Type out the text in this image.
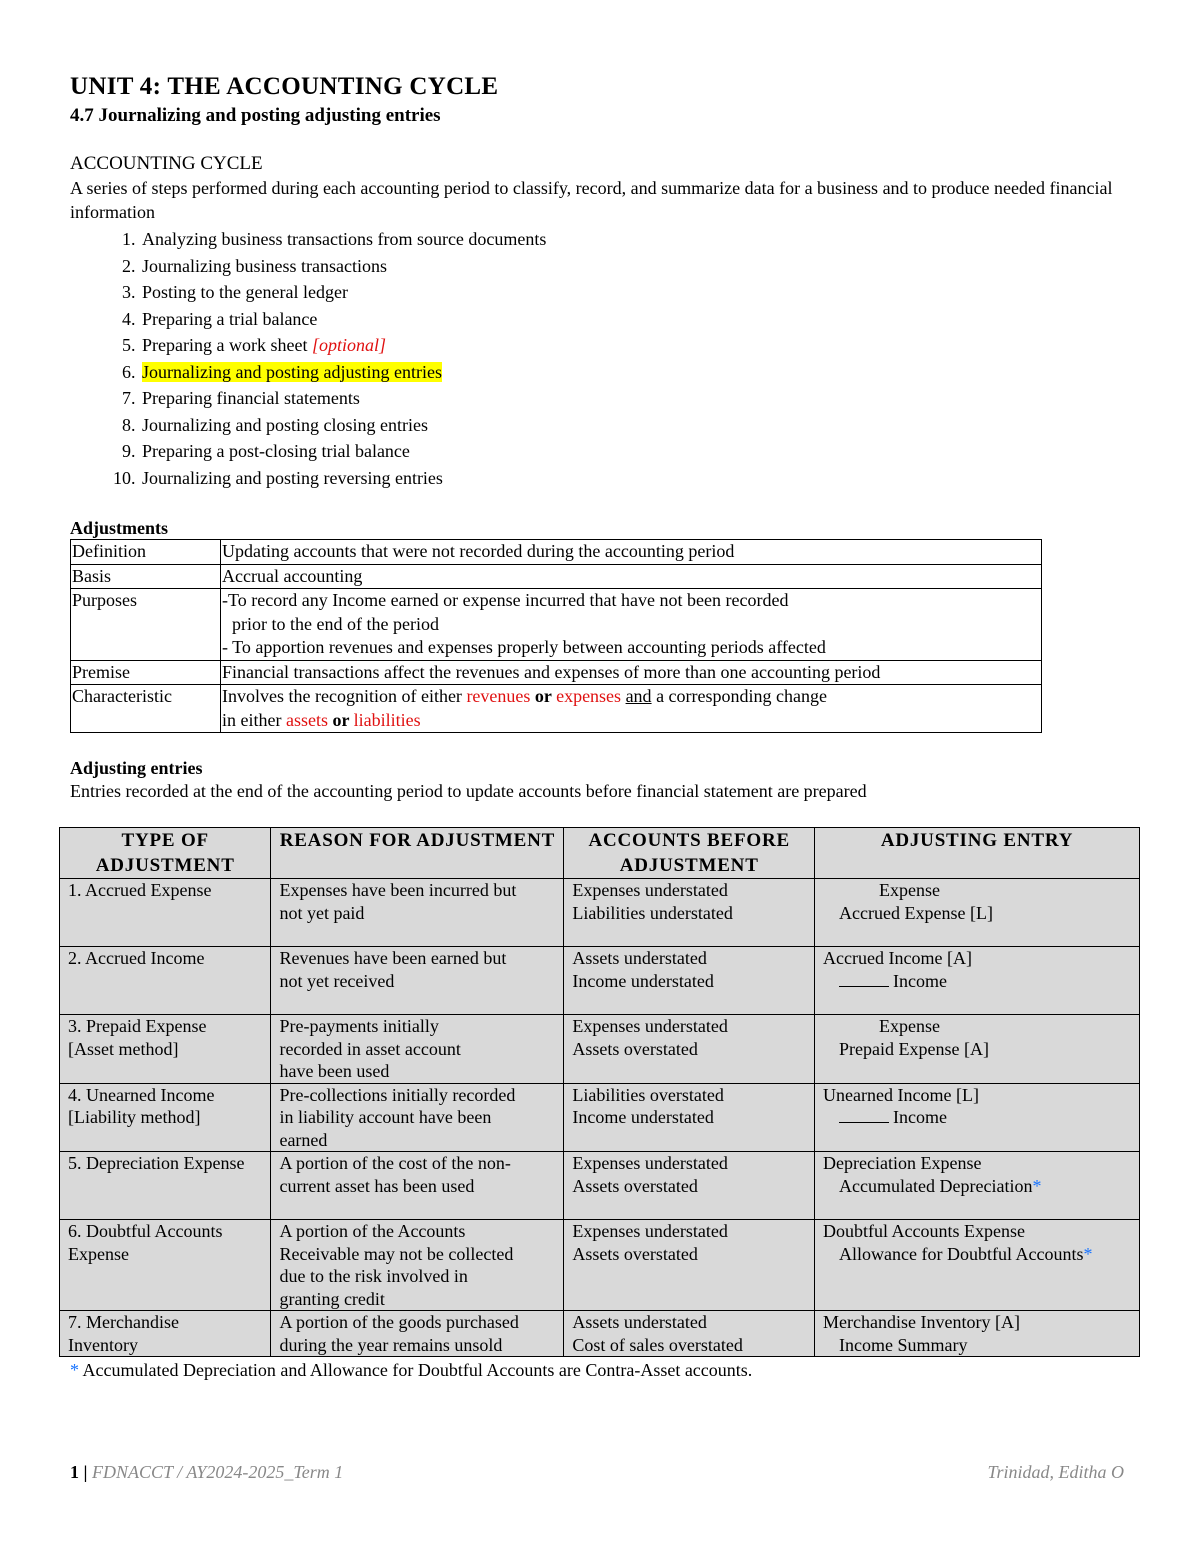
UNIT 4: THE ACCOUNTING CYCLE
4.7 Journalizing and posting adjusting entries
ACCOUNTING CYCLE

A series of steps performed during each accounting period to classify, record, and summarize data for a business and to produce needed financial information

1. Analyzing business transactions from source documents
2. Journalizing business transactions
3. Posting to the general ledger
4. Preparing a trial balance
5. Preparing a work sheet [optional]
6. Journalizing and posting adjusting entries
7. Preparing financial statements
8. Journalizing and posting closing entries
9. Preparing a post-closing trial balance
10. Journalizing and posting reversing entries
Adjustments
Definition	Updating accounts that were not recorded during the accounting period
Basis	Accrual accounting
Purposes	-To record any Income earned or expense incurred that have not been recorded
prior to the end of the period
- To apportion revenues and expenses properly between accounting periods affected

Premise	Financial transactions affect the revenues and expenses of more than one accounting period
Characteristic	Involves the recognition of either revenues or expenses and a corresponding change
in either assets or liabilities
Adjusting entries

Entries recorded at the end of the accounting period to update accounts before financial statement are prepared

TYPE OF ADJUSTMENT	REASON FOR ADJUSTMENT	ACCOUNTS BEFORE ADJUSTMENT	ADJUSTING ENTRY
1. Accrued Expense	Expenses have been incurred but
not yet paid	Expenses understated
Liabilities understated	Expense
Accrued Expense [L]

2. Accrued Income	Revenues have been earned but
not yet received	Assets understated
Income understated	Accrued Income [A]
Income

3. Prepaid Expense
[Asset method]	Pre-payments initially
recorded in asset account
have been used	Expenses understated
Assets overstated	Expense
Prepaid Expense [A]

4. Unearned Income
[Liability method]	Pre-collections initially recorded
in liability account have been
earned	Liabilities overstated
Income understated	Unearned Income [L]
Income

5. Depreciation Expense	A portion of the cost of the non-
current asset has been used	Expenses understated
Assets overstated	Depreciation Expense
Accumulated Depreciation*

6. Doubtful Accounts
Expense	A portion of the Accounts
Receivable may not be collected
due to the risk involved in
granting credit	Expenses understated
Assets overstated	Doubtful Accounts Expense
Allowance for Doubtful Accounts*

7. Merchandise
Inventory	A portion of the goods purchased
during the year remains unsold	Assets understated
Cost of sales overstated	Merchandise Inventory [A]
Income Summary
* Accumulated Depreciation and Allowance for Doubtful Accounts are Contra-Asset accounts.
1 | FDNACCT / AY2024-2025_Term 1	Trinidad, Editha O
